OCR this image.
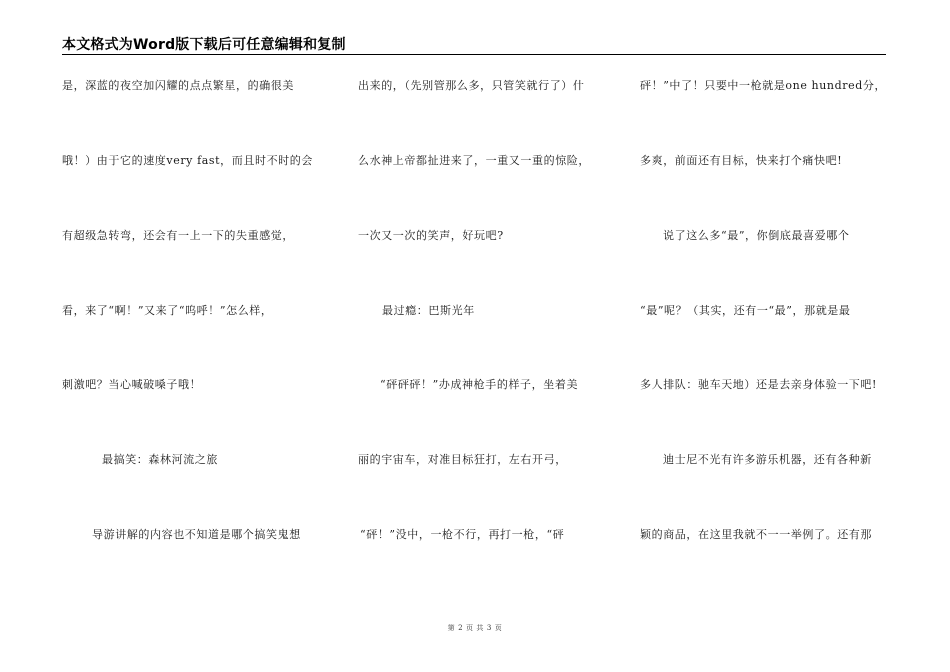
本文格式为Word版下载后可任意编辑和复制
是，深蓝的夜空加闪耀的点点繁星，的确很美
哦！）由于它的速度very fast，而且时不时的会
有超级急转弯，还会有一上一下的失重感觉，
看，来了“啊！”又来了“呜呼！”怎么样，
刺激吧？当心喊破嗓子哦！
最搞笑：森林河流之旅
导游讲解的内容也不知道是哪个搞笑鬼想
出来的，（先别管那么多，只管笑就行了）什
么水神上帝都扯进来了，一重又一重的惊险，
一次又一次的笑声，好玩吧?
最过瘾：巴斯光年
“砰砰砰！”办成神枪手的样子，坐着美
丽的宇宙车，对准目标狂打，左右开弓，
“砰！”没中，一枪不行，再打一枪，“砰
砰！”中了！只要中一枪就是one hundred分，
多爽，前面还有目标，快来打个痛快吧!
说了这么多“最”，你倒底最喜爱哪个
“最”呢？（其实，还有一“最”，那就是最
多人排队：驰车天地）还是去亲身体验一下吧!
迪士尼不光有许多游乐机器，还有各种新
颖的商品，在这里我就不一一举例了。还有那
第 2 页 共 3 页
